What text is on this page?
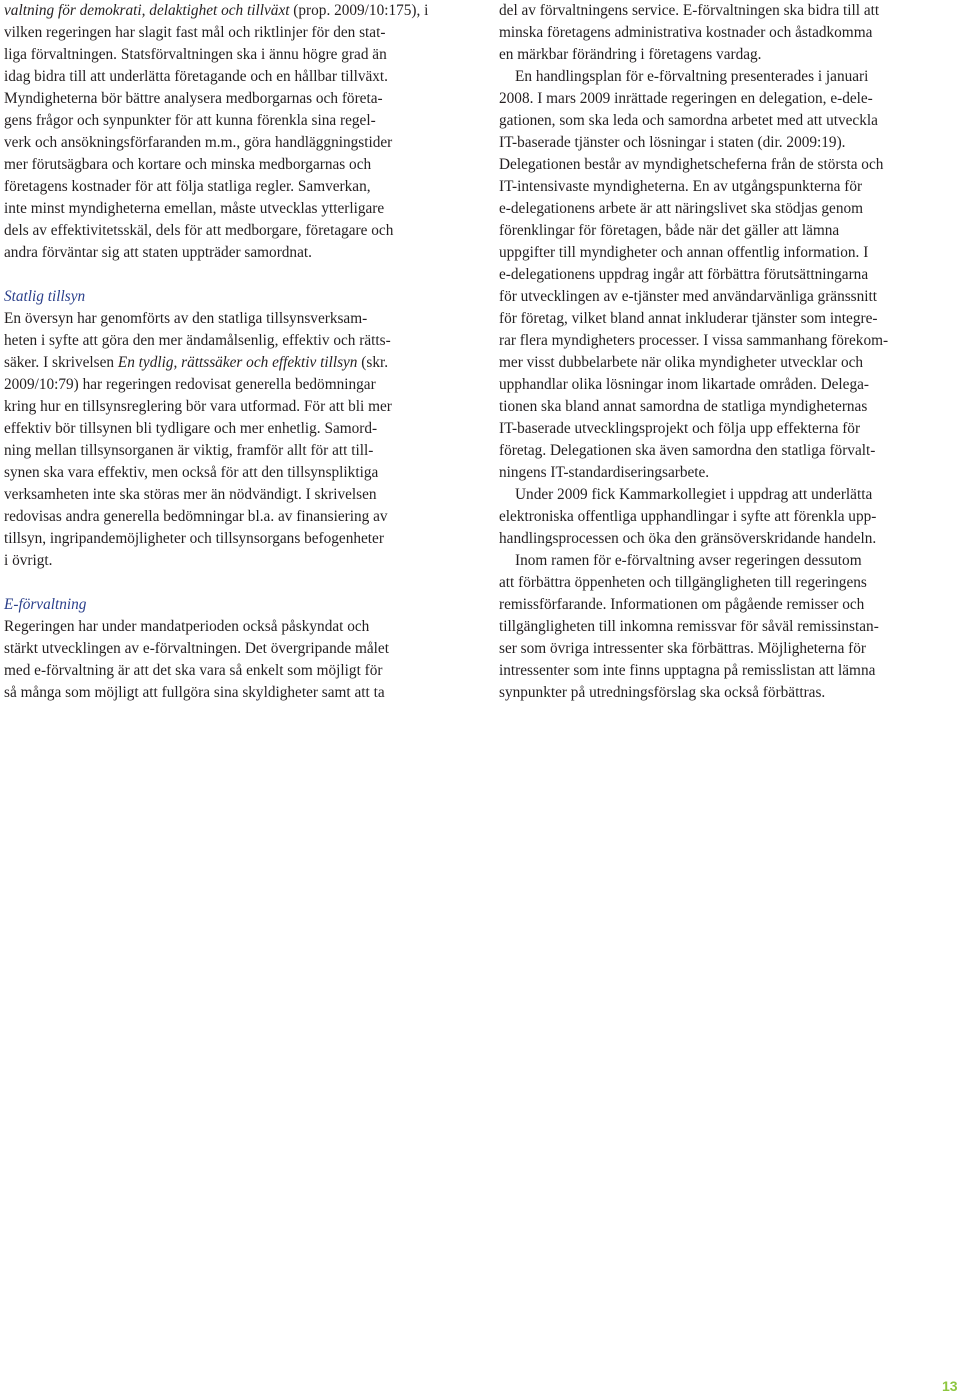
valtning för demokrati, delaktighet och tillväxt (prop. 2009/10:175), i
vilken regeringen har slagit fast mål och riktlinjer för den stat-
liga förvaltningen. Statsförvaltningen ska i ännu högre grad än
idag bidra till att underlätta företagande och en hållbar tillväxt.
Myndigheterna bör bättre analysera medborgarnas och företa-
gens frågor och synpunkter för att kunna förenkla sina regel-
verk och ansökningsförfaranden m.m., göra handläggningstider
mer förutsägbara och kortare och minska medborgarnas och
företagens kostnader för att följa statliga regler. Samverkan,
inte minst myndigheterna emellan, måste utvecklas ytterligare
dels av effektivitetsskäl, dels för att medborgare, företagare och
andra förväntar sig att staten uppträder samordnat.
Statlig tillsyn
En översyn har genomförts av den statliga tillsynsverksam-
heten i syfte att göra den mer ändamålsenlig, effektiv och rätts-
säker. I skrivelsen En tydlig, rättssäker och effektiv tillsyn (skr.
2009/10:79) har regeringen redovisat generella bedömningar
kring hur en tillsynsreglering bör vara utformad. För att bli mer
effektiv bör tillsynen bli tydligare och mer enhetlig. Samord-
ning mellan tillsynsorganen är viktig, framför allt för att till-
synen ska vara effektiv, men också för att den tillsynspliktiga
verksamheten inte ska störas mer än nödvändigt. I skrivelsen
redovisas andra generella bedömningar bl.a. av finansiering av
tillsyn, ingripandemöjligheter och tillsynsorgans befogenheter
i övrigt.
E-förvaltning
Regeringen har under mandatperioden också påskyndat och
stärkt utvecklingen av e-förvaltningen. Det övergripande målet
med e-förvaltning är att det ska vara så enkelt som möjligt för
så många som möjligt att fullgöra sina skyldigheter samt att ta
del av förvaltningens service. E-förvaltningen ska bidra till att
minska företagens administrativa kostnader och åstadkomma
en märkbar förändring i företagens vardag.
En handlingsplan för e-förvaltning presenterades i januari
2008. I mars 2009 inrättade regeringen en delegation, e-dele-
gationen, som ska leda och samordna arbetet med att utveckla
IT-baserade tjänster och lösningar i staten (dir. 2009:19).
Delegationen består av myndighetscheferna från de största och
IT-intensivaste myndigheterna. En av utgångspunkterna för
e-delegationens arbete är att näringslivet ska stödjas genom
förenklingar för företagen, både när det gäller att lämna
uppgifter till myndigheter och annan offentlig information. I
e-delegationens uppdrag ingår att förbättra förutsättningarna
för utvecklingen av e-tjänster med användarvänliga gränssnitt
för företag, vilket bland annat inkluderar tjänster som integre-
rar flera myndigheters processer. I vissa sammanhang förekom-
mer visst dubbelarbete när olika myndigheter utvecklar och
upphandlar olika lösningar inom likartade områden. Delega-
tionen ska bland annat samordna de statliga myndigheternas
IT-baserade utvecklingsprojekt och följa upp effekterna för
företag. Delegationen ska även samordna den statliga förvalt-
ningens IT-standardiseringsarbete.
Under 2009 fick Kammarkollegiet i uppdrag att underlätta
elektroniska offentliga upphandlingar i syfte att förenkla upp-
handlingsprocessen och öka den gränsöverskridande handeln.
Inom ramen för e-förvaltning avser regeringen dessutom
att förbättra öppenheten och tillgängligheten till regeringens
remissförfarande. Informationen om pågående remisser och
tillgängligheten till inkomna remissvar för såväl remissinstan-
ser som övriga intressenter ska förbättras. Möjligheterna för
intressenter som inte finns upptagna på remisslistan att lämna
synpunkter på utredningsförslag ska också förbättras.
13
